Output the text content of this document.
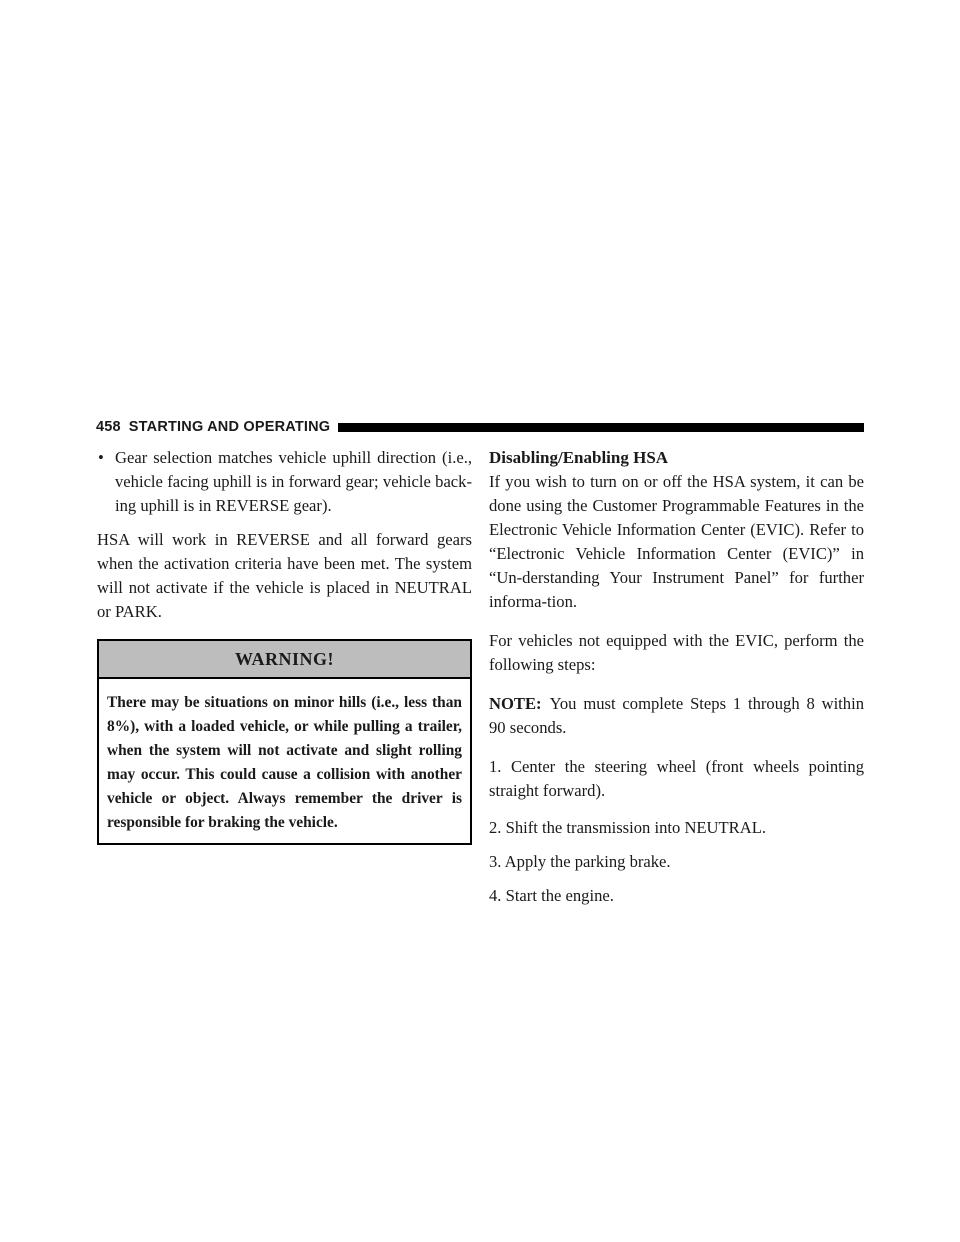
458 STARTING AND OPERATING
• Gear selection matches vehicle uphill direction (i.e., vehicle facing uphill is in forward gear; vehicle back-ing uphill is in REVERSE gear).

HSA will work in REVERSE and all forward gears when the activation criteria have been met. The system will not activate if the vehicle is placed in NEUTRAL or PARK.

WARNING!
There may be situations on minor hills (i.e., less than 8%), with a loaded vehicle, or while pulling a trailer, when the system will not activate and slight rolling may occur. This could cause a collision with another vehicle or object. Always remember the driver is responsible for braking the vehicle.
Disabling/Enabling HSA

If you wish to turn on or off the HSA system, it can be done using the Customer Programmable Features in the Electronic Vehicle Information Center (EVIC). Refer to “Electronic Vehicle Information Center (EVIC)” in “Un-derstanding Your Instrument Panel” for further informa-tion.

For vehicles not equipped with the EVIC, perform the following steps:

NOTE: You must complete Steps 1 through 8 within 90 seconds.

1. Center the steering wheel (front wheels pointing straight forward).

2. Shift the transmission into NEUTRAL.

3. Apply the parking brake.

4. Start the engine.
